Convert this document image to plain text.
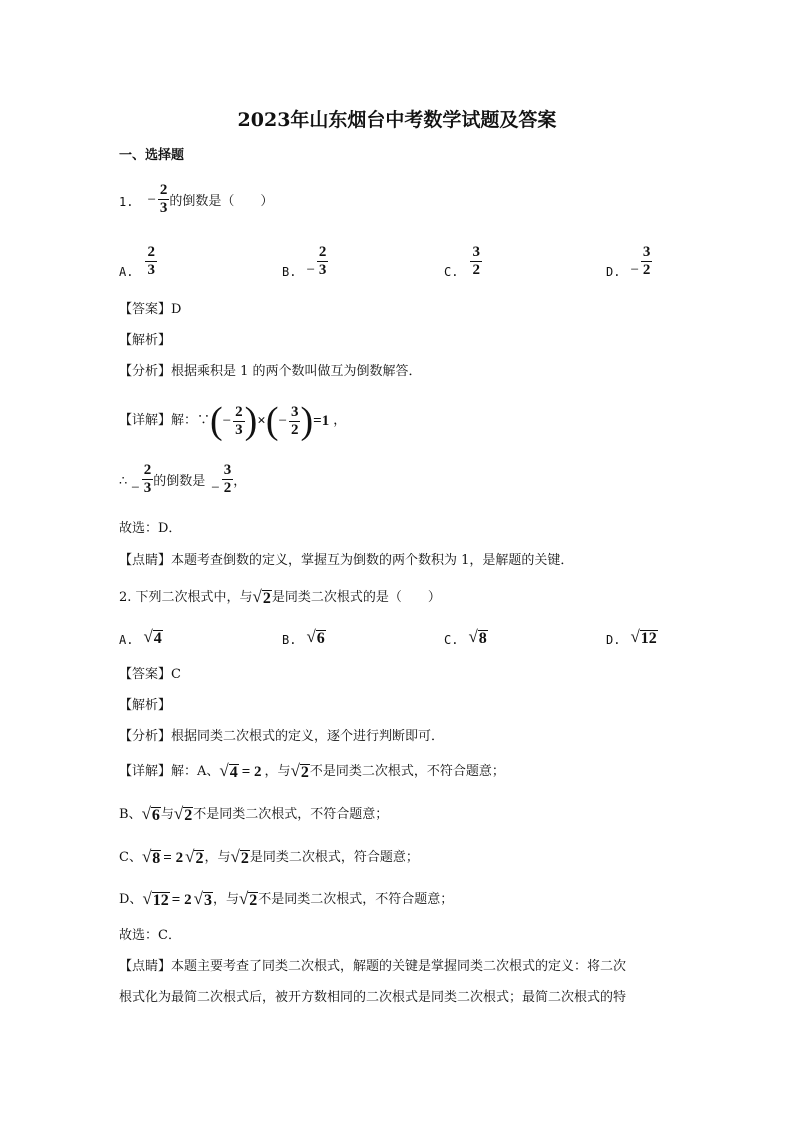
2023年山东烟台中考数学试题及答案
一、选择题
1. − $\frac{2}{3}$ 的倒数是（　　）
A. $\frac{2}{3}$	B. − $\frac{2}{3}$	C. $\frac{3}{2}$	D. − $\frac{3}{2}$
【答案】D
【解析】
【分析】根据乘积是 1 的两个数叫做互为倒数解答．
【详解】解：∵ ( − $\frac{2}{3}$ ) × ( − $\frac{3}{2}$ ) =1 ，
∴ − $\frac{2}{3}$ 的倒数是 − $\frac{3}{2}$ ，
故选：D．
【点睛】本题考查倒数的定义，掌握互为倒数的两个数积为 1，是解题的关键．
2. 下列二次根式中，与 √ 2 是同类二次根式的是（　　）
A. √ 4	B. √ 6	C. √ 8	D. √ 12
【答案】C
【解析】
【分析】根据同类二次根式的定义，逐个进行判断即可．
【详解】解：A、 √ 4 = 2 ，与 √ 2 不是同类二次根式，不符合题意；
B、 √ 6 与 √ 2 不是同类二次根式，不符合题意；
C、 √ 8 = 2 √ 2 ，与 √ 2 是同类二次根式，符合题意；
D、 √ 12 = 2 √ 3 ，与 √ 2 不是同类二次根式，不符合题意；
故选：C．
【点睛】本题主要考查了同类二次根式，解题的关键是掌握同类二次根式的定义：将二次
根式化为最简二次根式后，被开方数相同的二次根式是同类二次根式；最简二次根式的特
